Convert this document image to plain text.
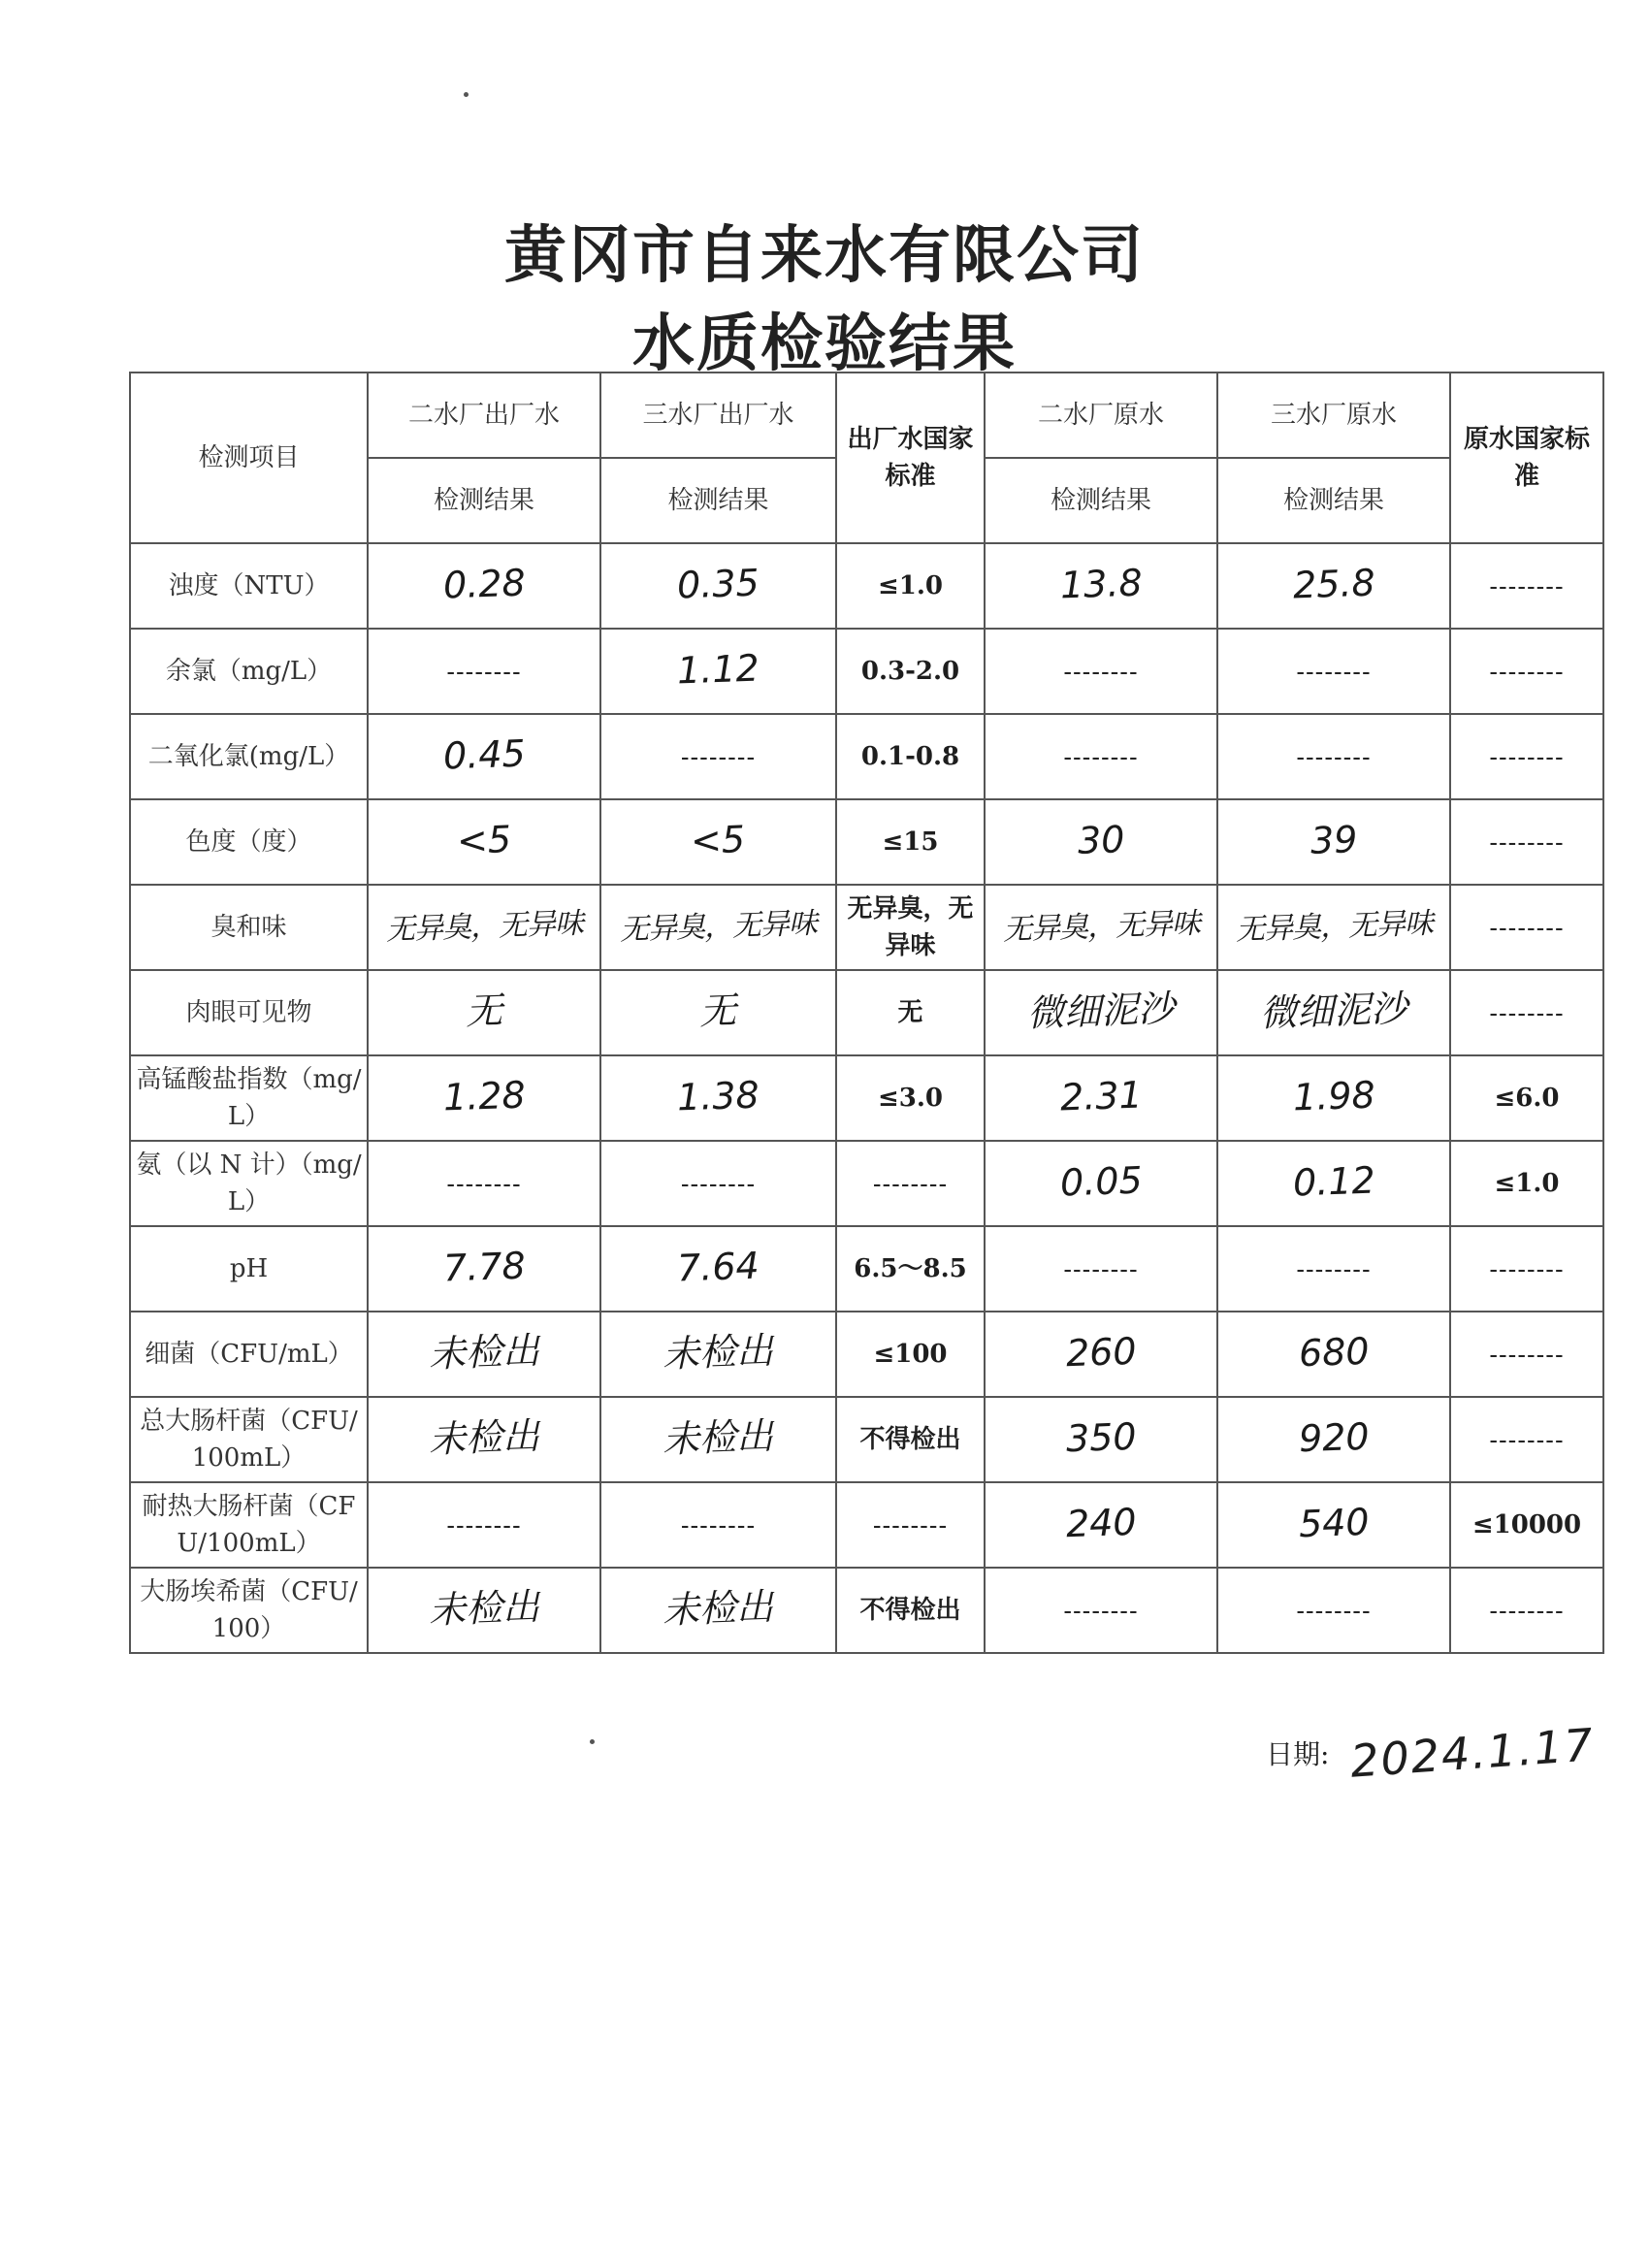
黄冈市自来水有限公司
水质检验结果
检测项目	二水厂出厂水	三水厂出厂水	出厂水国家标准	二水厂原水	三水厂原水	原水国家标准
	检测结果	检测结果		检测结果	检测结果	
浊度（NTU）	0.28	0.35	≤1.0	13.8	25.8	--------
余氯（mg/L）	--------	1.12	0.3-2.0	--------	--------	--------
二氧化氯(mg/L）	0.45	--------	0.1-0.8	--------	--------	--------
色度（度）	<5	<5	≤15	30	39	--------
臭和味	无异臭，无异味	无异臭，无异味	无异臭，无异味	无异臭，无异味	无异臭，无异味	--------
肉眼可见物	无	无	无	微细泥沙	微细泥沙	--------
高锰酸盐指数（mg/L）	1.28	1.38	≤3.0	2.31	1.98	≤6.0
氨（以 N 计）（mg/L）	--------	--------	--------	0.05	0.12	≤1.0
pH	7.78	7.64	6.5～8.5	--------	--------	--------
细菌（CFU/mL）	未检出	未检出	≤100	260	680	--------
总大肠杆菌（CFU/100mL）	未检出	未检出	不得检出	350	920	--------
耐热大肠杆菌（CFU/100mL）	--------	--------	--------	240	540	≤10000
大肠埃希菌（CFU/100）	未检出	未检出	不得检出	--------	--------	--------
日期: 2024.1.17
